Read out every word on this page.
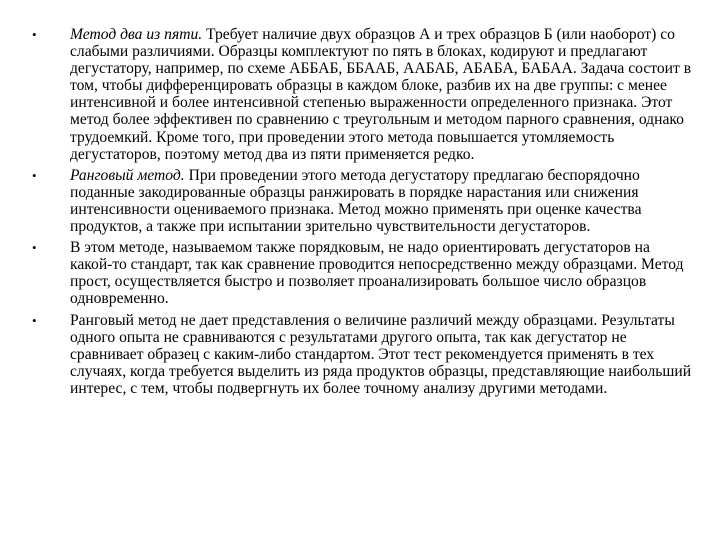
• Метод два из пяти. Требует наличие двух образцов А и трех образцов Б (или наоборот) со слабыми различиями. Образцы комплектуют по пять в блоках, кодируют и предлагают дегустатору, например, по схеме АББАБ, ББААБ, ААБАБ, АБАБА, БАБАА. Задача состоит в том, чтобы дифференцировать образцы в каждом блоке, разбив их на две группы: с менее интенсивной и более интенсивной степенью выраженности определенного признака. Этот метод более эффективен по сравнению с треугольным и методом парного сравнения, однако трудоемкий. Кроме того, при проведении этого метода повышается утомляемость дегустаторов, поэтому метод два из пяти применяется редко.
• Ранговый метод. При проведении этого метода дегустатору предлагаю беспорядочно поданные закодированные образцы ранжировать в порядке нарастания или снижения интенсивности оцениваемого признака. Метод можно применять при оценке качества продуктов, а также при испытании зрительно чувствительности дегустаторов.
• В этом методе, называемом также порядковым, не надо ориентировать дегустаторов на какой-то стандарт, так как сравнение проводится непосредственно между образцами. Метод прост, осуществляется быстро и позволяет проанализировать большое число образцов одновременно.
• Ранговый метод не дает представления о величине различий между образцами. Результаты одного опыта не сравниваются с результатами другого опыта, так как дегустатор не сравнивает образец с каким-либо стандартом. Этот тест рекомендуется применять в тех случаях, когда требуется выделить из ряда продуктов образцы, представляющие наибольший интерес, с тем, чтобы подвергнуть их более точному анализу другими методами.
